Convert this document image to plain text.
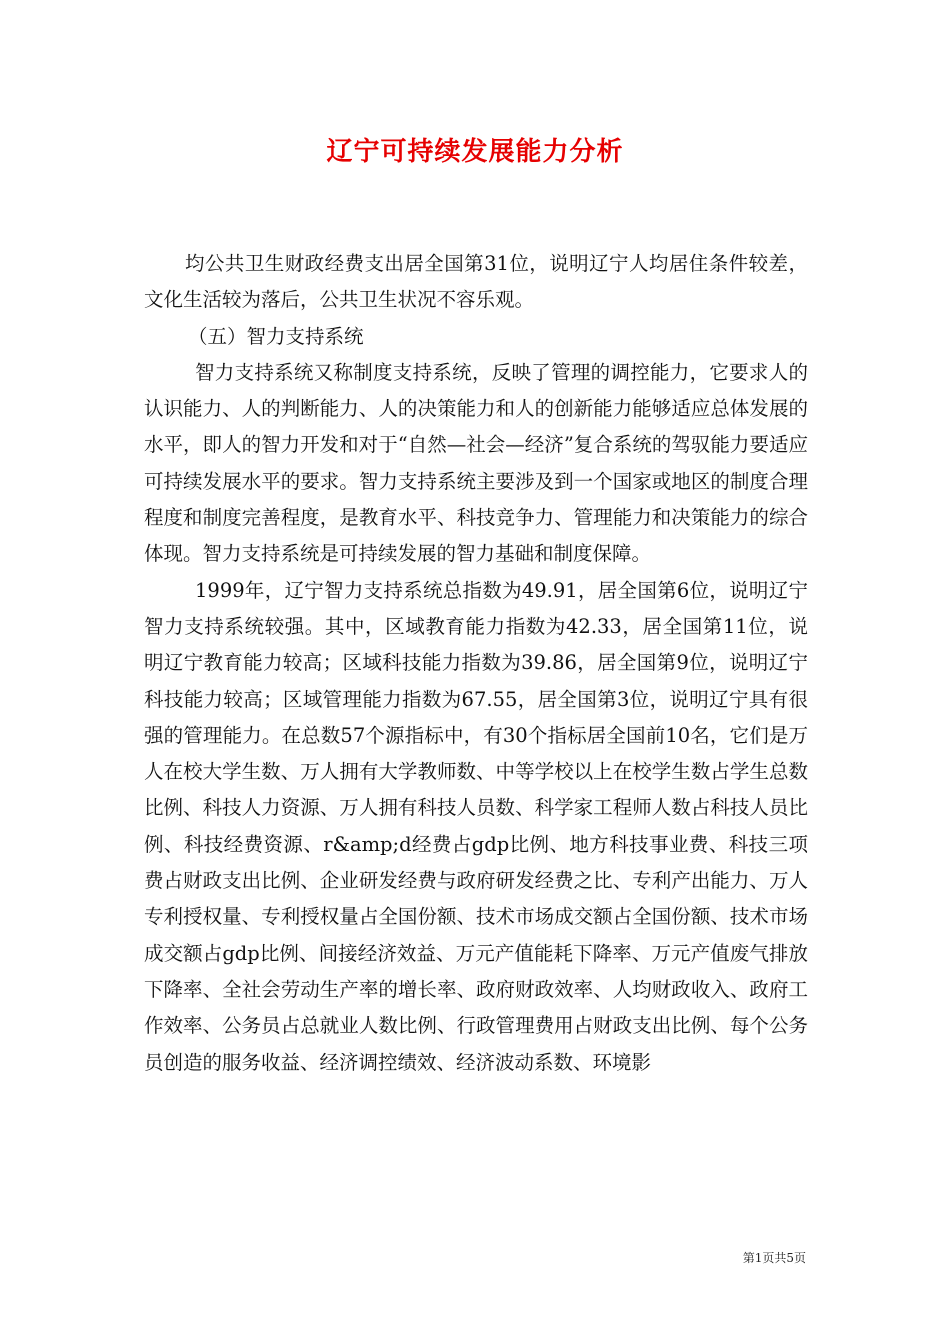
辽宁可持续发展能力分析

均公共卫生财政经费支出居全国第31位，说明辽宁人均居住条件较差，文化生活较为落后，公共卫生状况不容乐观。

（五）智力支持系统

智力支持系统又称制度支持系统，反映了管理的调控能力，它要求人的认识能力、人的判断能力、人的决策能力和人的创新能力能够适应总体发展的水平，即人的智力开发和对于“自然—社会—经济”复合系统的驾驭能力要适应可持续发展水平的要求。智力支持系统主要涉及到一个国家或地区的制度合理程度和制度完善程度，是教育水平、科技竞争力、管理能力和决策能力的综合体现。智力支持系统是可持续发展的智力基础和制度保障。

1999年，辽宁智力支持系统总指数为49.91，居全国第6位，说明辽宁智力支持系统较强。其中，区域教育能力指数为42.33，居全国第11位，说明辽宁教育能力较高；区域科技能力指数为39.86，居全国第9位，说明辽宁科技能力较高；区域管理能力指数为67.55，居全国第3位，说明辽宁具有很强的管理能力。在总数57个源指标中，有30个指标居全国前10名，它们是万人在校大学生数、万人拥有大学教师数、中等学校以上在校学生数占学生总数比例、科技人力资源、万人拥有科技人员数、科学家工程师人数占科技人员比例、科技经费资源、r&amp;d经费占gdp比例、地方科技事业费、科技三项费占财政支出比例、企业研发经费与政府研发经费之比、专利产出能力、万人专利授权量、专利授权量占全国份额、技术市场成交额占全国份额、技术市场成交额占gdp比例、间接经济效益、万元产值能耗下降率、万元产值废气排放下降率、全社会劳动生产率的增长率、政府财政效率、人均财政收入、政府工作效率、公务员占总就业人数比例、行政管理费用占财政支出比例、每个公务员创造的服务收益、经济调控绩效、经济波动系数、环境影

第1页共5页
